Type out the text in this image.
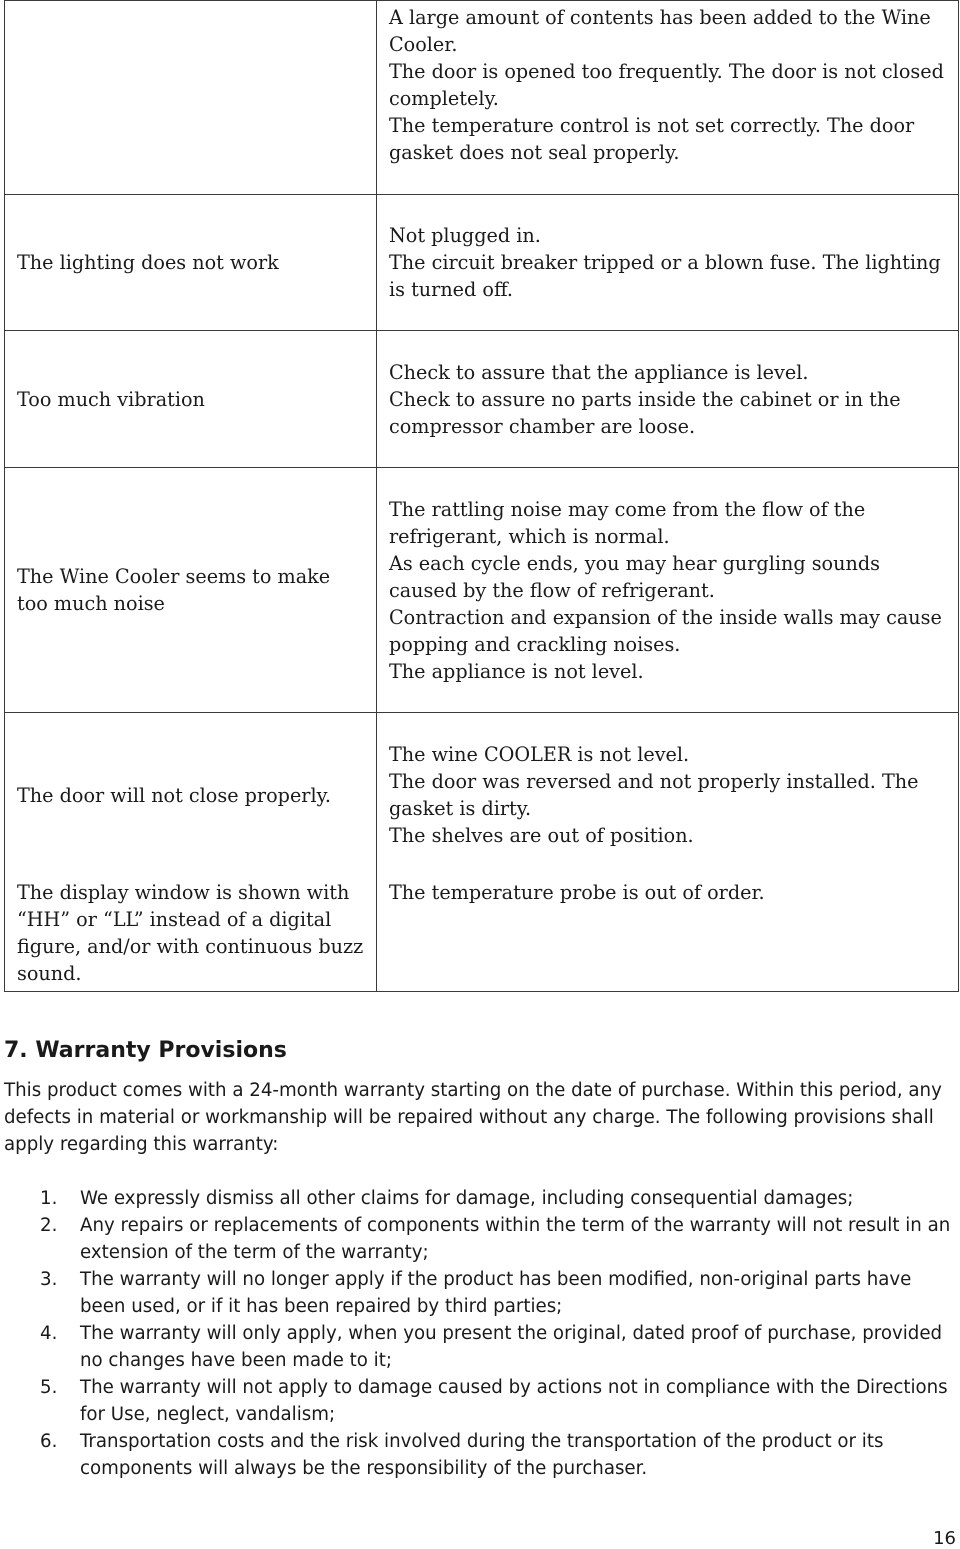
	A large amount of contents has been added to the Wine Cooler.
The door is opened too frequently. The door is not closed completely.
The temperature control is not set correctly. The door gasket does not seal properly.

The lighting does not work	Not plugged in.
The circuit breaker tripped or a blown fuse. The lighting is turned off.

Too much vibration	Check to assure that the appliance is level.
Check to assure no parts inside the cabinet or in the compressor chamber are loose.

The Wine Cooler seems to make too much noise	The rattling noise may come from the flow of the refrigerant, which is normal.
As each cycle ends, you may hear gurgling sounds caused by the flow of refrigerant.
Contraction and expansion of the inside walls may cause popping and crackling noises.
The appliance is not level.

The door will not close properly.	The wine COOLER is not level.
The door was reversed and not properly installed. The gasket is dirty.
The shelves are out of position.

The display window is shown with “HH” or “LL” instead of a digital figure, and/or with continuous buzz sound.	The temperature probe is out of order.
7. Warranty Provisions

This product comes with a 24-month warranty starting on the date of purchase. Within this period, any defects in material or workmanship will be repaired without any charge. The following provisions shall apply regarding this warranty:

1. We expressly dismiss all other claims for damage, including consequential damages;
2. Any repairs or replacements of components within the term of the warranty will not result in an extension of the term of the warranty;
3. The warranty will no longer apply if the product has been modified, non-original parts have been used, or if it has been repaired by third parties;
4. The warranty will only apply, when you present the original, dated proof of purchase, provided no changes have been made to it;
5. The warranty will not apply to damage caused by actions not in compliance with the Directions for Use, neglect, vandalism;
6. Transportation costs and the risk involved during the transportation of the product or its components will always be the responsibility of the purchaser.
16
